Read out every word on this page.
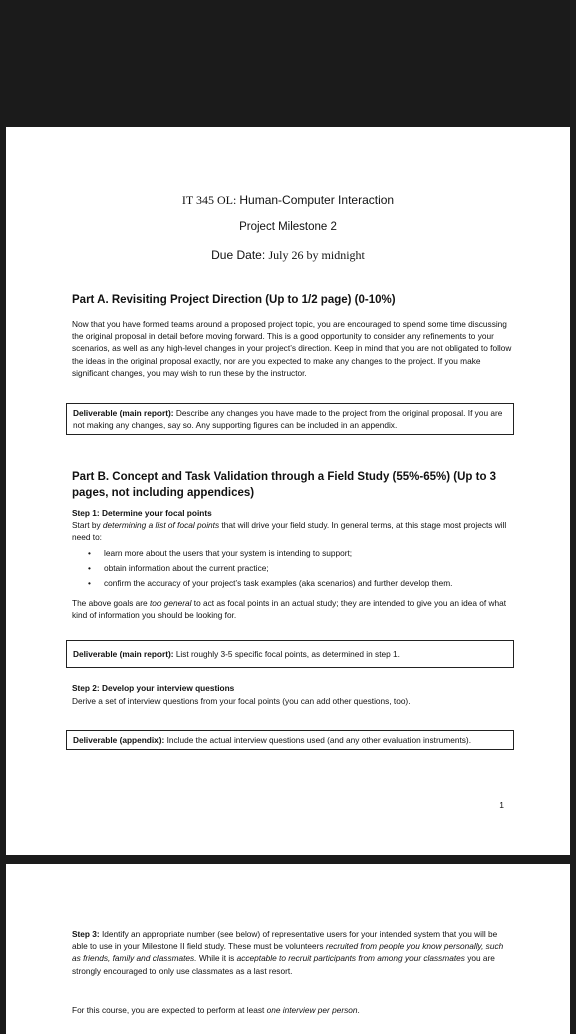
IT 345 OL: Human-Computer Interaction
Project Milestone 2
Due Date: July 26 by midnight
Part A. Revisiting Project Direction (Up to 1/2 page) (0-10%)
Now that you have formed teams around a proposed project topic, you are encouraged to spend some time discussing the original proposal in detail before moving forward. This is a good opportunity to consider any refinements to your scenarios, as well as any high-level changes in your project’s direction. Keep in mind that you are not obligated to follow the ideas in the original proposal exactly, nor are you expected to make any changes to the project. If you make significant changes, you may wish to run these by the instructor.
Deliverable (main report): Describe any changes you have made to the project from the original proposal. If you are not making any changes, say so. Any supporting figures can be included in an appendix.
Part B. Concept and Task Validation through a Field Study (55%-65%) (Up to 3 pages, not including appendices)
Step 1: Determine your focal points
Start by determining a list of focal points that will drive your field study. In general terms, at this stage most projects will need to:
• learn more about the users that your system is intending to support;
• obtain information about the current practice;
• confirm the accuracy of your project’s task examples (aka scenarios) and further develop them.
The above goals are too general to act as focal points in an actual study; they are intended to give you an idea of what kind of information you should be looking for.
Deliverable (main report): List roughly 3-5 specific focal points, as determined in step 1.
Step 2: Develop your interview questions
Derive a set of interview questions from your focal points (you can add other questions, too).
Deliverable (appendix): Include the actual interview questions used (and any other evaluation instruments).
1
Step 3: Identify an appropriate number (see below) of representative users for your intended system that you will be able to use in your Milestone II field study. These must be volunteers recruited from people you know personally, such as friends, family and classmates. While it is acceptable to recruit participants from among your classmates you are strongly encouraged to only use classmates as a last resort.
For this course, you are expected to perform at least one interview per person.
